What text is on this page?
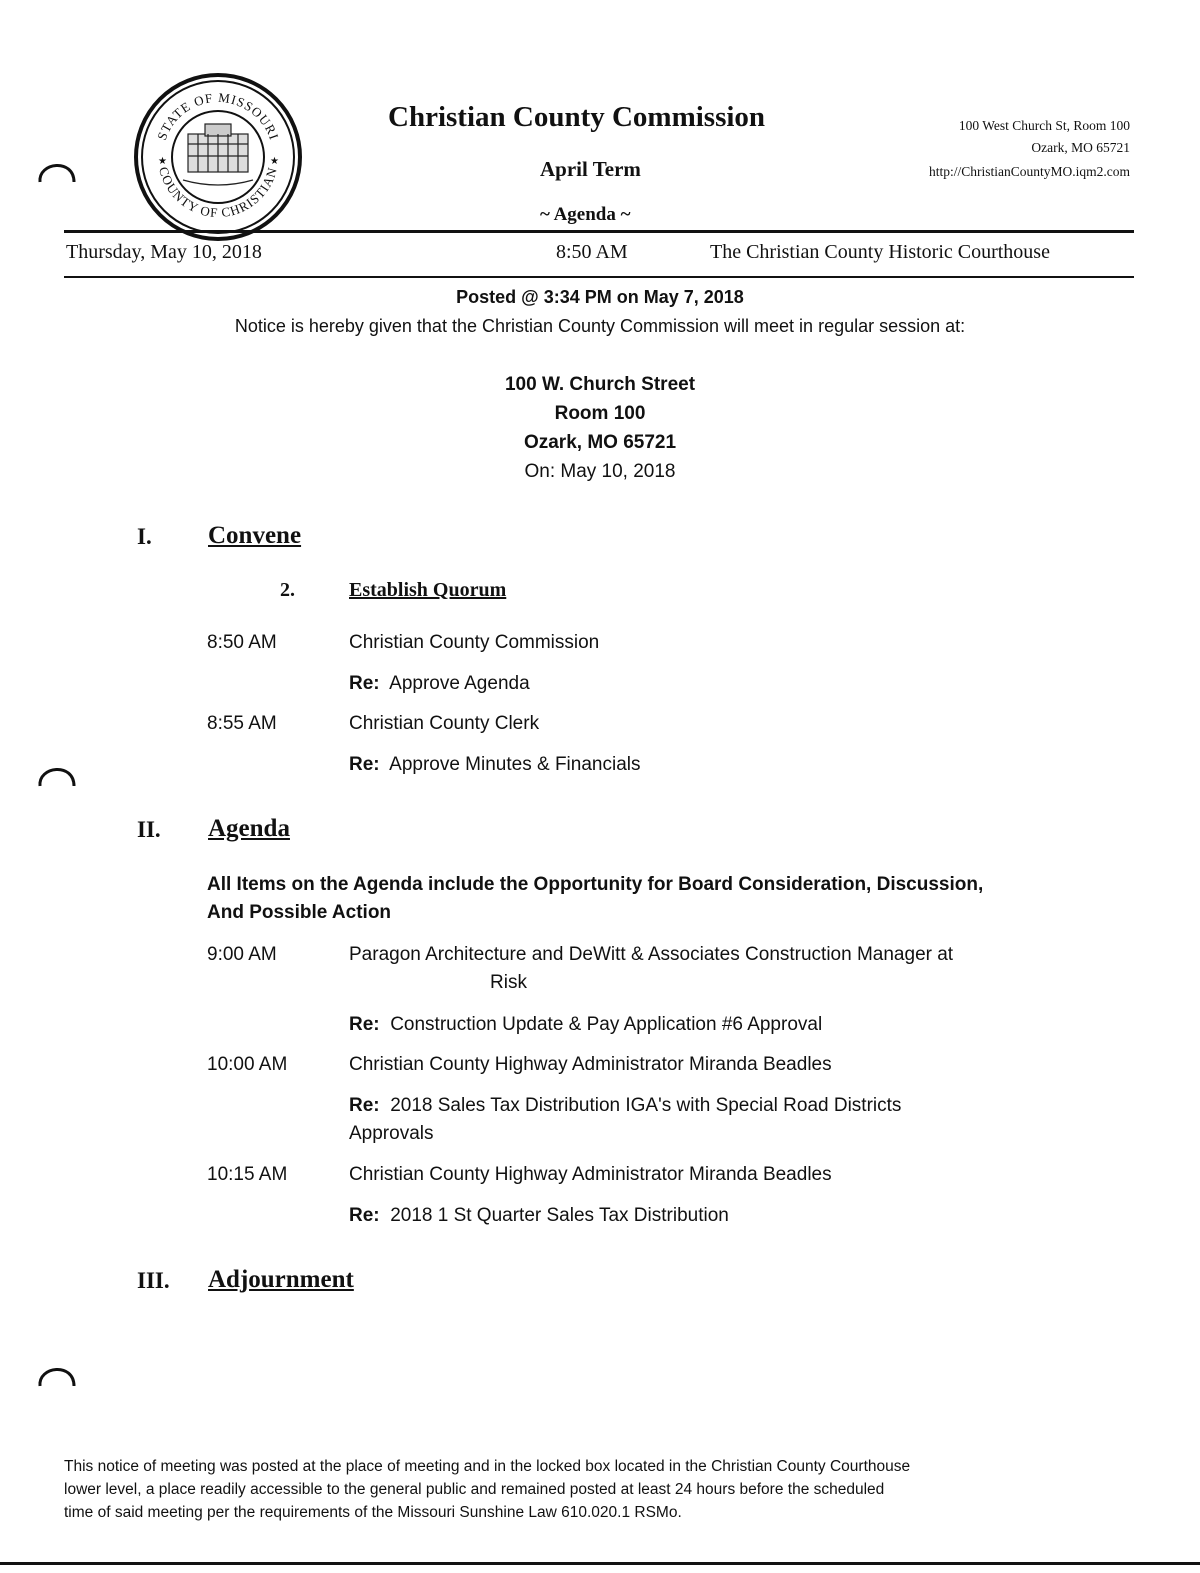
STATE OF MISSOURI
COUNTY OF CHRISTIAN
★	★
Christian County Commission
April Term
~ Agenda ~
100 West Church St, Room 100
Ozark, MO 65721
http://ChristianCountyMO.iqm2.com
Thursday, May 10, 2018	8:50 AM	The Christian County Historic Courthouse
Posted @ 3:34 PM on May 7, 2018
Notice is hereby given that the Christian County Commission will meet in regular session at:
100 W. Church Street
Room 100
Ozark, MO 65721
On: May 10, 2018
I. Convene
2.	Establish Quorum
8:50 AM	Christian County Commission
Re: Approve Agenda
8:55 AM	Christian County Clerk
Re: Approve Minutes & Financials
II. Agenda
All Items on the Agenda include the Opportunity for Board Consideration, Discussion,
And Possible Action
9:00 AM	Paragon Architecture and DeWitt & Associates Construction Manager at
Risk
Re: Construction Update & Pay Application #6 Approval
10:00 AM	Christian County Highway Administrator Miranda Beadles
Re: 2018 Sales Tax Distribution IGA's with Special Road Districts
Approvals
10:15 AM	Christian County Highway Administrator Miranda Beadles
Re: 2018 1 St Quarter Sales Tax Distribution
III. Adjournment
This notice of meeting was posted at the place of meeting and in the locked box located in the Christian County Courthouse
lower level, a place readily accessible to the general public and remained posted at least 24 hours before the scheduled
time of said meeting per the requirements of the Missouri Sunshine Law 610.020.1 RSMo.
